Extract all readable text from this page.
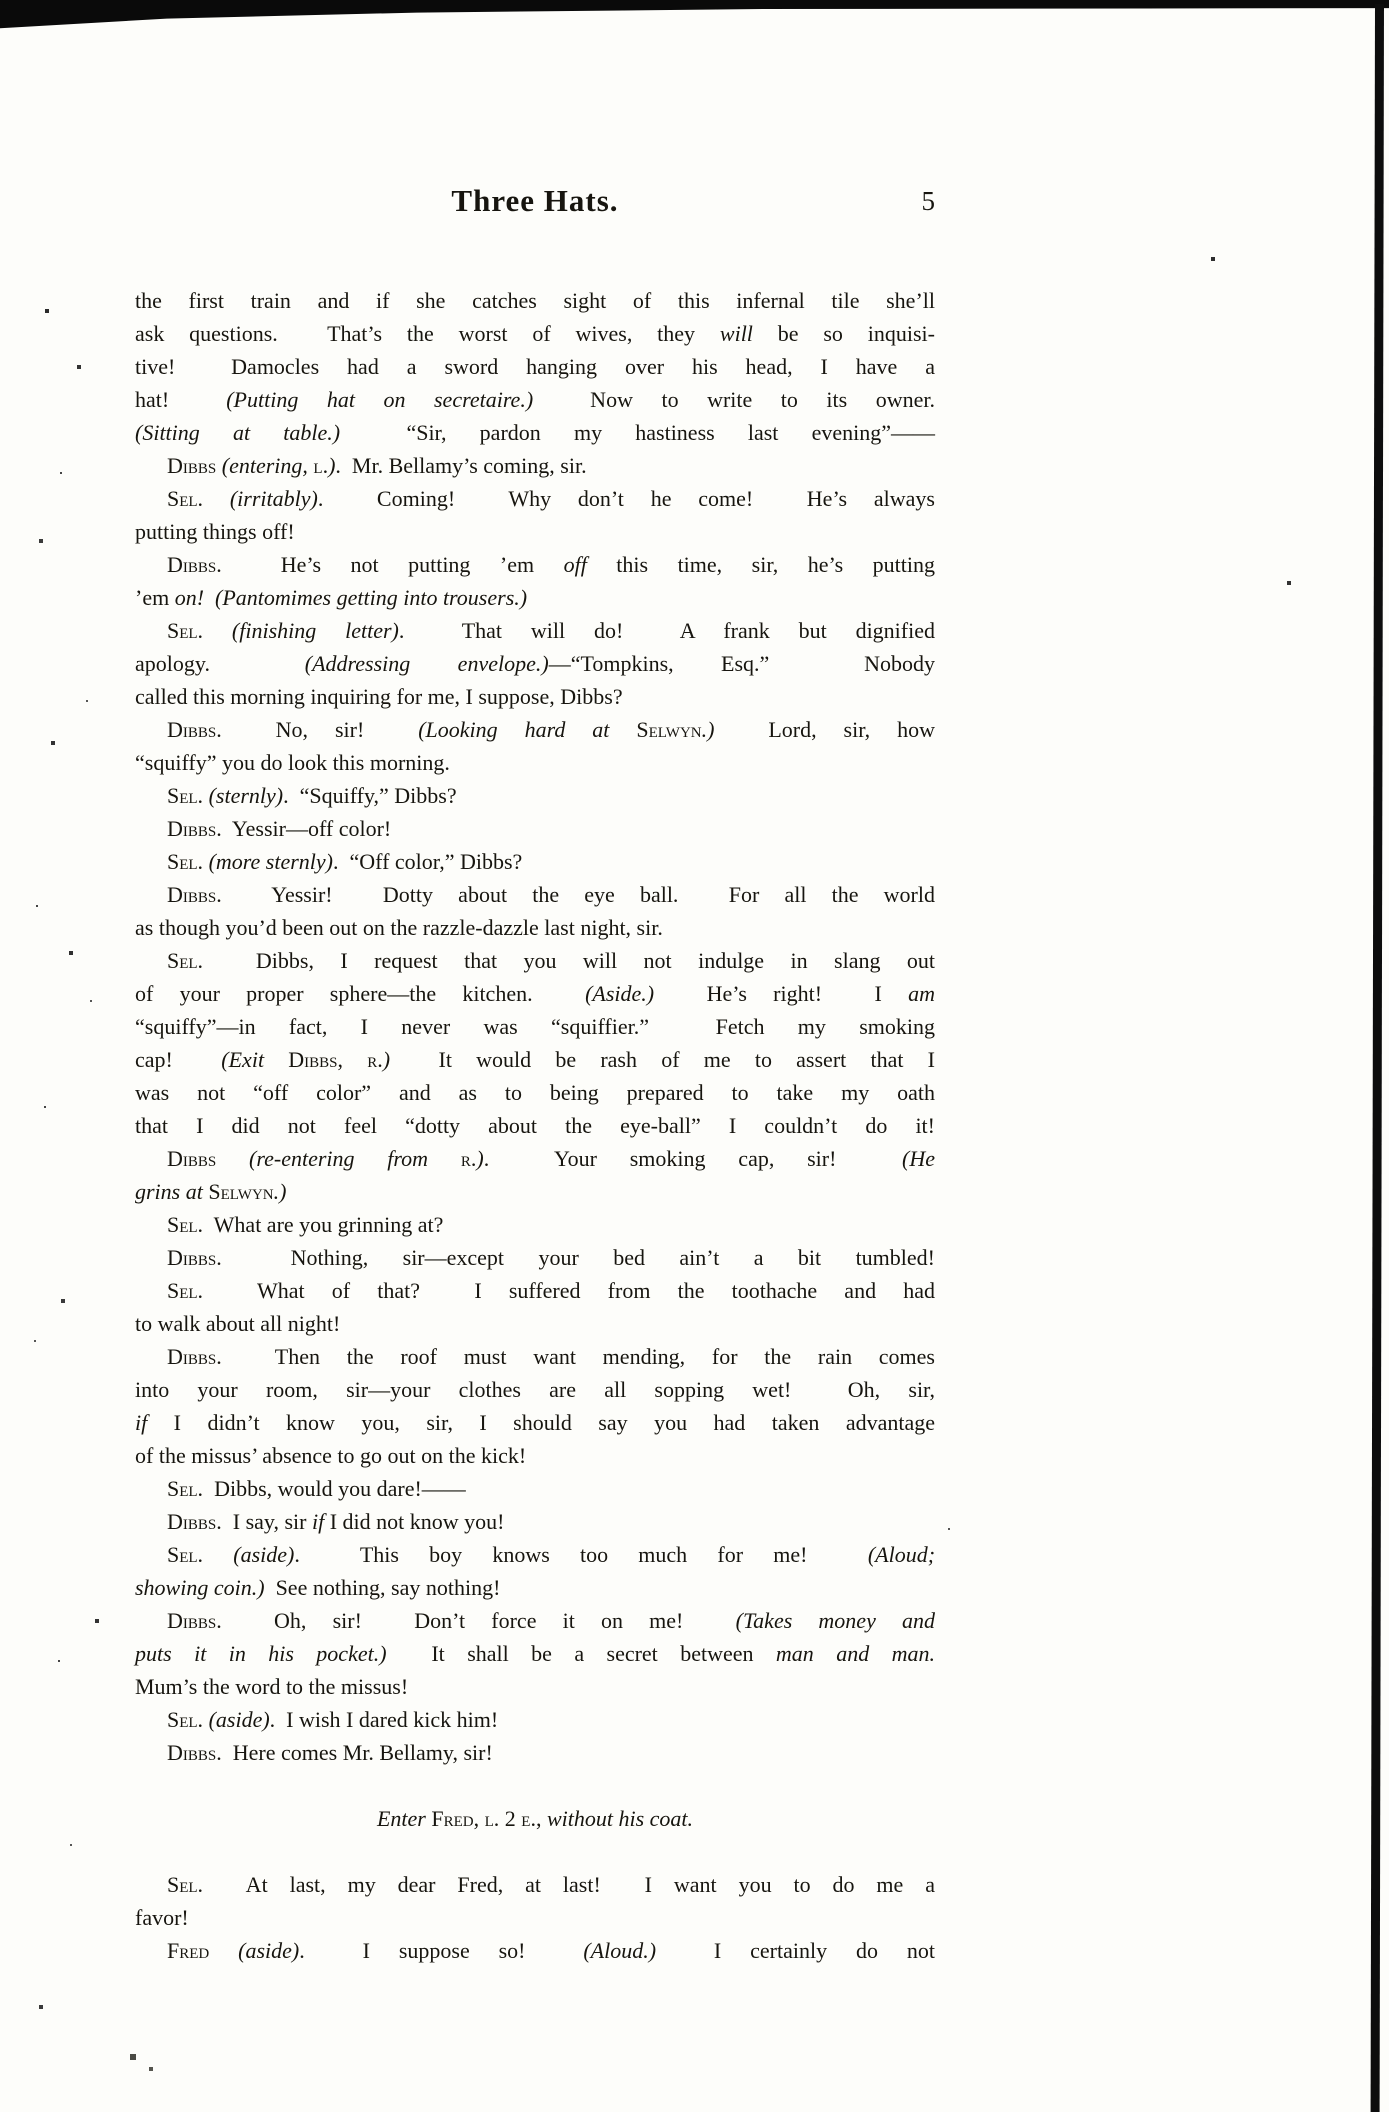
Three Hats.	5
the first train and if she catches sight of this infernal tile she’ll
ask questions.  That’s the worst of wives, they will be so inquisi-
tive!  Damocles had a sword hanging over his head, I have a
hat!  (Putting hat on secretaire.)  Now to write to its owner.
(Sitting at table.)  “Sir, pardon my hastiness last evening”——
Dibbs (entering, l.).  Mr. Bellamy’s coming, sir.
Sel. (irritably).  Coming!  Why don’t he come!  He’s always
putting things off!
Dibbs.  He’s not putting ’em off this time, sir, he’s putting
’em on! (Pantomimes getting into trousers.)
Sel. (finishing letter).  That will do!  A frank but dignified
apology.  (Addressing envelope.)—“Tompkins, Esq.”  Nobody
called this morning inquiring for me, I suppose, Dibbs?
Dibbs.  No, sir!  (Looking hard at Selwyn.)  Lord, sir, how
“squiffy” you do look this morning.
Sel. (sternly).  “Squiffy,” Dibbs?
Dibbs.  Yessir—off color!
Sel. (more sternly).  “Off color,” Dibbs?
Dibbs.  Yessir!  Dotty about the eye ball.  For all the world
as though you’d been out on the razzle-dazzle last night, sir.
Sel.  Dibbs, I request that you will not indulge in slang out
of your proper sphere—the kitchen.  (Aside.)  He’s right!  I am
“squiffy”—in fact, I never was “squiffier.”  Fetch my smoking
cap!  (Exit Dibbs, r.)  It would be rash of me to assert that I
was not “off color” and as to being prepared to take my oath
that I did not feel “dotty about the eye-ball” I couldn’t do it!
Dibbs (re-entering from r.).  Your smoking cap, sir!  (He
grins at Selwyn.)
Sel.  What are you grinning at?
Dibbs.  Nothing, sir—except your bed ain’t a bit tumbled!
Sel.  What of that?  I suffered from the toothache and had
to walk about all night!
Dibbs.  Then the roof must want mending, for the rain comes
into your room, sir—your clothes are all sopping wet!  Oh, sir,
if I didn’t know you, sir, I should say you had taken advantage
of the missus’ absence to go out on the kick!
Sel.  Dibbs, would you dare!——
Dibbs.  I say, sir if I did not know you!
Sel. (aside).  This boy knows too much for me!  (Aloud;
showing coin.)  See nothing, say nothing!
Dibbs.  Oh, sir!  Don’t force it on me!  (Takes money and
puts it in his pocket.)  It shall be a secret between man and man.
Mum’s the word to the missus!
Sel. (aside).  I wish I dared kick him!
Dibbs.  Here comes Mr. Bellamy, sir!
Enter Fred, l. 2 e., without his coat.
Sel.  At last, my dear Fred, at last!  I want you to do me a
favor!
Fred (aside).  I suppose so!  (Aloud.)  I certainly do not
